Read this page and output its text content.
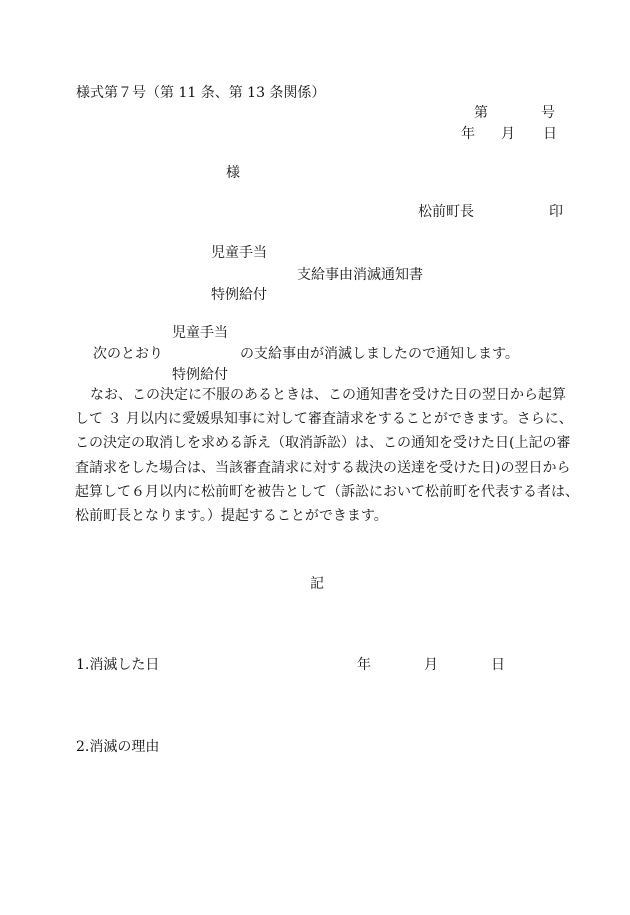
様式第７号（第 11 条、第 13 条関係）
第	号
年 月 日
様
松前町長	印
児童手当
支給事由消滅通知書
特例給付
児童手当
次のとおり	の支給事由が消滅しましたので通知します。
特例給付
なお、この決定に不服のあるときは、この通知書を受けた日の翌日から起算
して ３ 月以内に愛媛県知事に対して審査請求をすることができます。さらに、
この決定の取消しを求める訴え（取消訴訟）は、この通知を受けた日(上記の審
査請求をした場合は、当該審査請求に対する裁決の送達を受けた日)の翌日から
起算して６月以内に松前町を被告として（訴訟において松前町を代表する者は、
松前町長となります。）提起することができます。
記
1.消滅した日	年	月	日
2.消滅の理由
